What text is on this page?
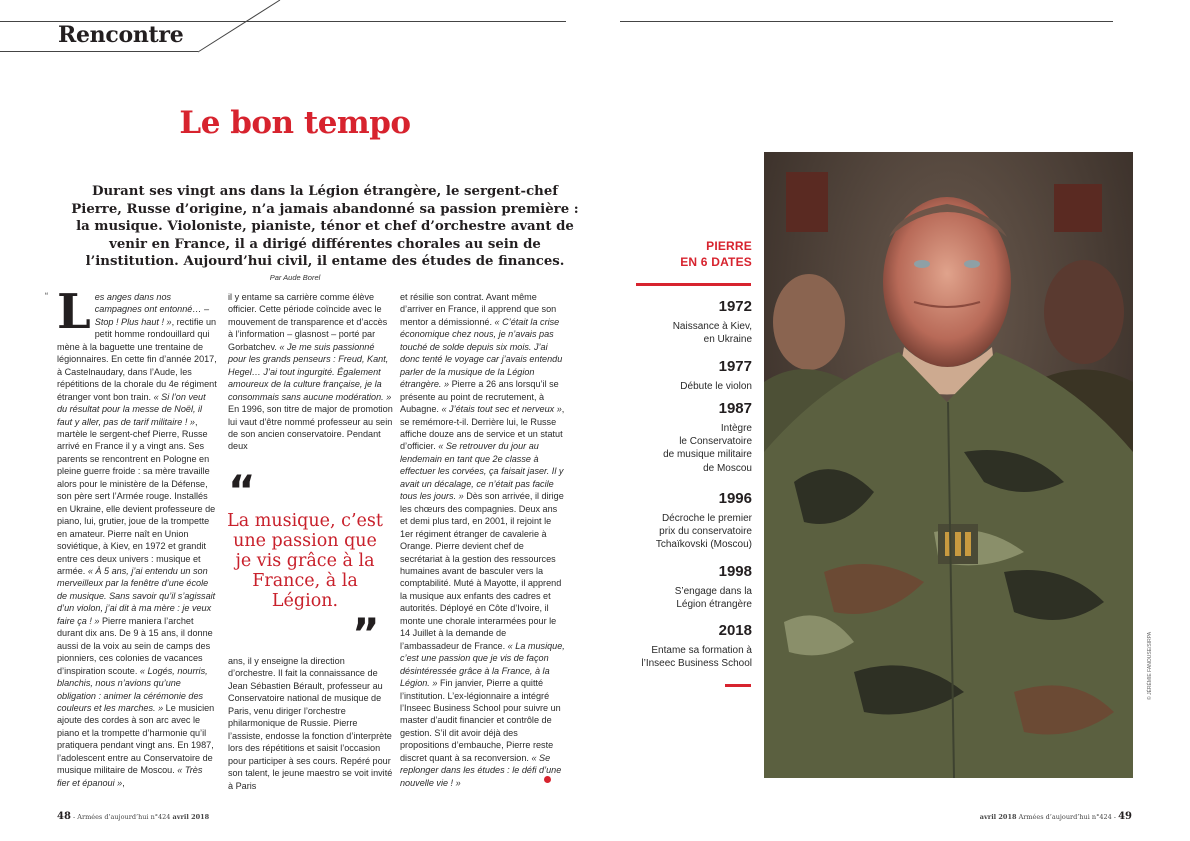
Rencontre
Le bon tempo
Durant ses vingt ans dans la Légion étrangère, le sergent-chef Pierre, Russe d’origine, n’a jamais abandonné sa passion première : la musique. Violoniste, pianiste, ténor et chef d’orchestre avant de venir en France, il a dirigé différentes chorales au sein de l’institution. Aujourd’hui civil, il entame des études de finances.
Par Aude Borel
“ Les anges dans nos campagnes ont entonné… – Stop ! Plus haut ! », rectifie un petit homme rondouillard qui mène à la baguette une trentaine de légionnaires. En cette fin d’année 2017, à Castelnaudary, dans l’Aude, les répétitions de la chorale du 4e régiment étranger vont bon train. « Si l’on veut du résultat pour la messe de Noël, il faut y aller, pas de tarif militaire ! », martèle le sergent-chef Pierre, Russe arrivé en France il y a vingt ans. Ses parents se rencontrent en Pologne en pleine guerre froide : sa mère travaille alors pour le ministère de la Défense, son père sert l’Armée rouge. Installés en Ukraine, elle devient professeure de piano, lui, grutier, joue de la trompette en amateur. Pierre naît en Union soviétique, à Kiev, en 1972 et grandit entre ces deux univers : musique et armée. « À 5 ans, j’ai entendu un son merveilleux par la fenêtre d’une école de musique. Sans savoir qu’il s’agissait d’un violon, j’ai dit à ma mère : je veux faire ça ! » Pierre maniera l’archet durant dix ans. De 9 à 15 ans, il donne aussi de la voix au sein de camps des pionniers, ces colonies de vacances d’inspiration scoute. « Logés, nourris, blanchis, nous n’avions qu’une obligation : animer la cérémonie des couleurs et les marches. » Le musicien ajoute des cordes à son arc avec le piano et la trompette d’harmonie qu’il pratiquera pendant vingt ans. En 1987, l’adolescent entre au Conservatoire de musique militaire de Moscou. « Très fier et épanoui »,

il y entame sa carrière comme élève officier. Cette période coïncide avec le mouvement de transparence et d’accès à l’information – glasnost – porté par Gorbatchev. « Je me suis passionné pour les grands penseurs : Freud, Kant, Hegel… J’ai tout ingurgité. Également amoureux de la culture française, je la consommais sans aucune modération. » En 1996, son titre de major de promotion lui vaut d’être nommé professeur au sein de son ancien conservatoire. Pendant deux

“
La musique, c’est une passion que je vis grâce à la France, à la Légion.
”

ans, il y enseigne la direction d’orchestre. Il fait la connaissance de Jean Sébastien Bérault, professeur au Conservatoire national de musique de Paris, venu diriger l’orchestre philarmonique de Russie. Pierre l’assiste, endosse la fonction d’interprète lors des répétitions et saisit l’occasion pour participer à ses cours. Repéré pour son talent, le jeune maestro se voit invité à Paris

et résilie son contrat. Avant même d’arriver en France, il apprend que son mentor a démissionné. « C’était la crise économique chez nous, je n’avais pas touché de solde depuis six mois. J’ai donc tenté le voyage car j’avais entendu parler de la musique de la Légion étrangère. » Pierre a 26 ans lorsqu’il se présente au point de recrutement, à Aubagne. « J’étais tout sec et nerveux », se remémore-t-il. Derrière lui, le Russe affiche douze ans de service et un statut d’officier. « Se retrouver du jour au lendemain en tant que 2e classe à effectuer les corvées, ça faisait jaser. Il y avait un décalage, ce n’était pas facile tous les jours. » Dès son arrivée, il dirige les chœurs des compagnies. Deux ans et demi plus tard, en 2001, il rejoint le 1er régiment étranger de cavalerie à Orange. Pierre devient chef de secrétariat à la gestion des ressources humaines avant de basculer vers la comptabilité. Muté à Mayotte, il apprend la musique aux enfants des cadres et autorités. Déployé en Côte d’Ivoire, il monte une chorale interarmées pour le 14 Juillet à la demande de l’ambassadeur de France. « La musique, c’est une passion que je vis de façon désintéressée grâce à la France, à la Légion. » Fin janvier, Pierre a quitté l’institution. L’ex-légionnaire a intégré l’Inseec Business School pour suivre un master d’audit financier et contrôle de gestion. S’il dit avoir déjà des propositions d’embauche, Pierre reste discret quant à sa reconversion. « Se replonger dans les études : le défi d’une nouvelle vie ! »

PIERRE
EN 6 DATES
1972
Naissance à Kiev,
en Ukraine
1977
Débute le violon
1987
Intègre
le Conservatoire
de musique militaire
de Moscou
1996
Décroche le premier
prix du conservatoire
Tchaïkovski (Moscou)
1998
S’engage dans la
Légion étrangère
2018
Entame sa formation à
l’Inseec Business School	© JÉRÉMIE FANOUSE/SIRPA
48 - Armées d’aujourd’hui n°424 avril 2018	avril 2018 Armées d’aujourd’hui n°424 - 49
